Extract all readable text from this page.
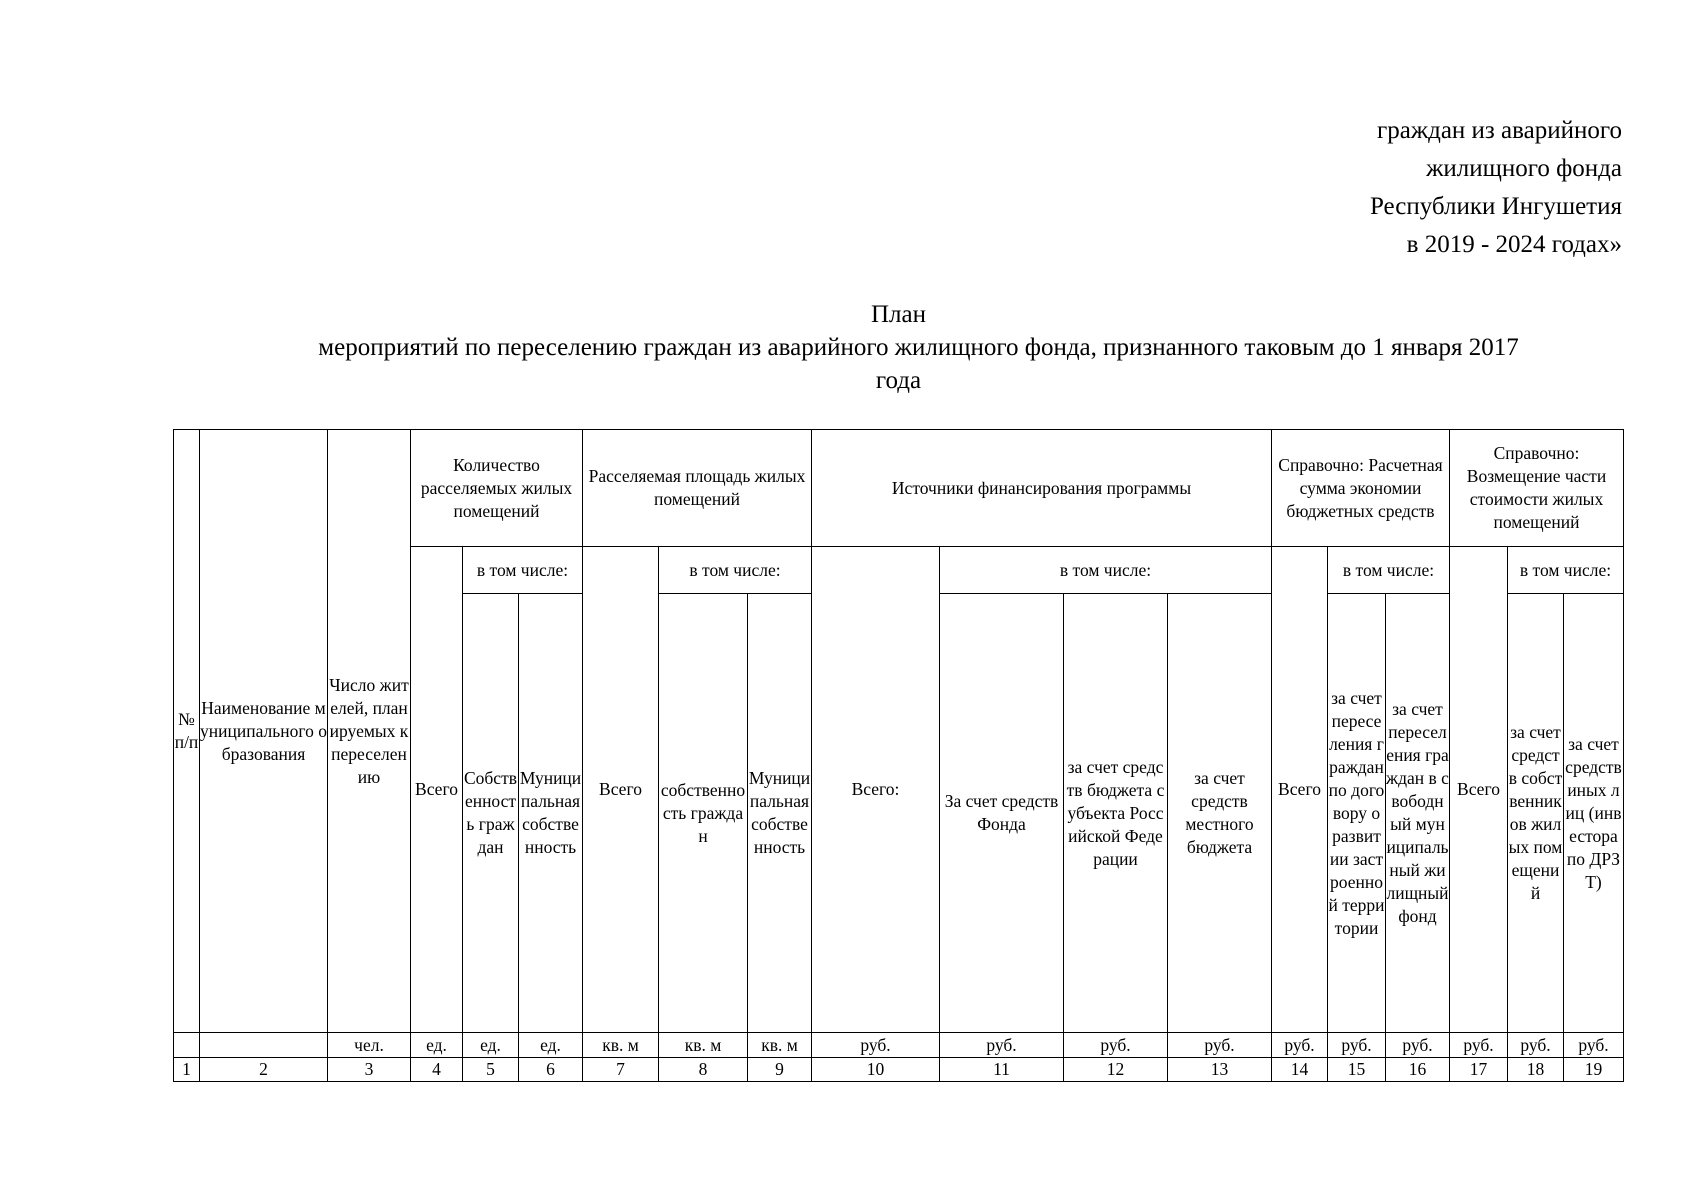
граждан из аварийного
жилищного фонда
Республики Ингушетия
в 2019 - 2024 годах»
План
мероприятий по переселению граждан из аварийного жилищного фонда, признанного таковым до 1 января 2017
года
№ п/п	Наименование муниципального образования	Число жителей, планируемых к переселению	Количество расселяемых жилых помещений			Расселяемая площадь жилых помещений			Источники финансирования программы				Справочно: Расчетная сумма экономии бюджетных средств			Справочно: Возмещение части стоимости жилых помещений		
			Всего	в том числе:		Всего	в том числе:		Всего:	в том числе:			Всего	в том числе:		Всего	в том числе:	
				Собственность граждан	Муниципальная собственность		собственность граждан	Муниципальная собственность		За счет средств Фонда	за счет средств бюджета субъекта Российской Федерации	за счет средств местного бюджета		за счет переселения граждан по договору о развитии застроенной территории	за счет переселения граждан в свободный муниципальный жилищный фонд		за счет средств собственников жилых помещений	за счет средств иных лиц (инвестора по ДРЗТ)
		чел.	ед.	ед.	ед.	кв. м	кв. м	кв. м	руб.	руб.	руб.	руб.	руб.	руб.	руб.	руб.	руб.	руб.
1	2	3	4	5	6	7	8	9	10	11	12	13	14	15	16	17	18	19
